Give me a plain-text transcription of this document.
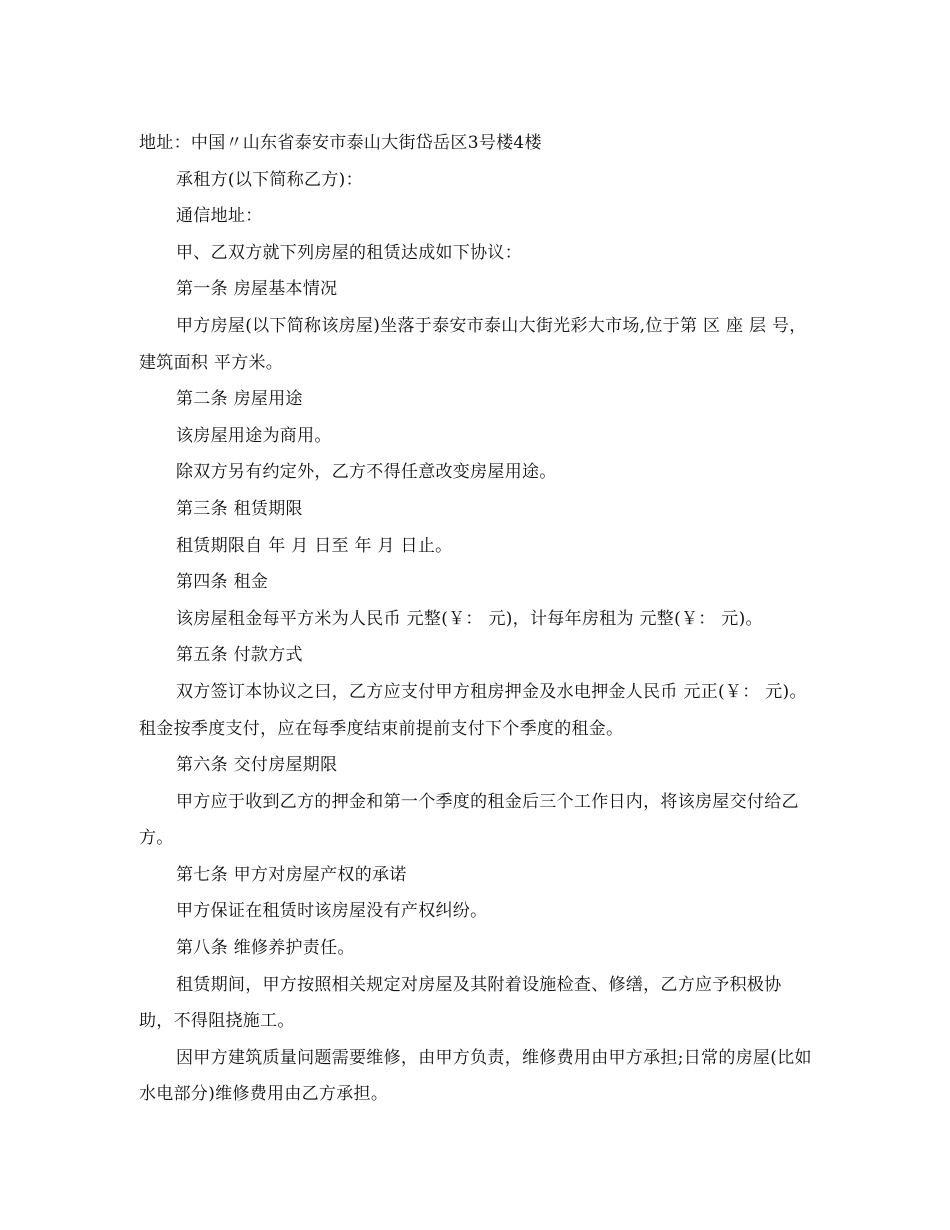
地址：中国〃山东省泰安市泰山大街岱岳区3号楼4楼

承租方(以下简称乙方)：

通信地址：

甲、乙双方就下列房屋的租赁达成如下协议：

第一条 房屋基本情况

甲方房屋(以下简称该房屋)坐落于泰安市泰山大街光彩大市场,位于第 区 座 层 号，建筑面积 平方米。

第二条 房屋用途

该房屋用途为商用。

除双方另有约定外，乙方不得任意改变房屋用途。

第三条 租赁期限

租赁期限自 年 月 日至 年 月 日止。

第四条 租金

该房屋租金每平方米为人民币 元整(￥： 元)，计每年房租为 元整(￥： 元)。

第五条 付款方式

双方签订本协议之曰，乙方应支付甲方租房押金及水电押金人民币 元正(￥： 元)。租金按季度支付，应在每季度结束前提前支付下个季度的租金。

第六条 交付房屋期限

甲方应于收到乙方的押金和第一个季度的租金后三个工作日内，将该房屋交付给乙方。

第七条 甲方对房屋产权的承诺

甲方保证在租赁时该房屋没有产权纠纷。

第八条 维修养护责任。

租赁期间，甲方按照相关规定对房屋及其附着设施检查、修缮，乙方应予积极协助，不得阻挠施工。

因甲方建筑质量问题需要维修，由甲方负责，维修费用由甲方承担;日常的房屋(比如水电部分)维修费用由乙方承担。
